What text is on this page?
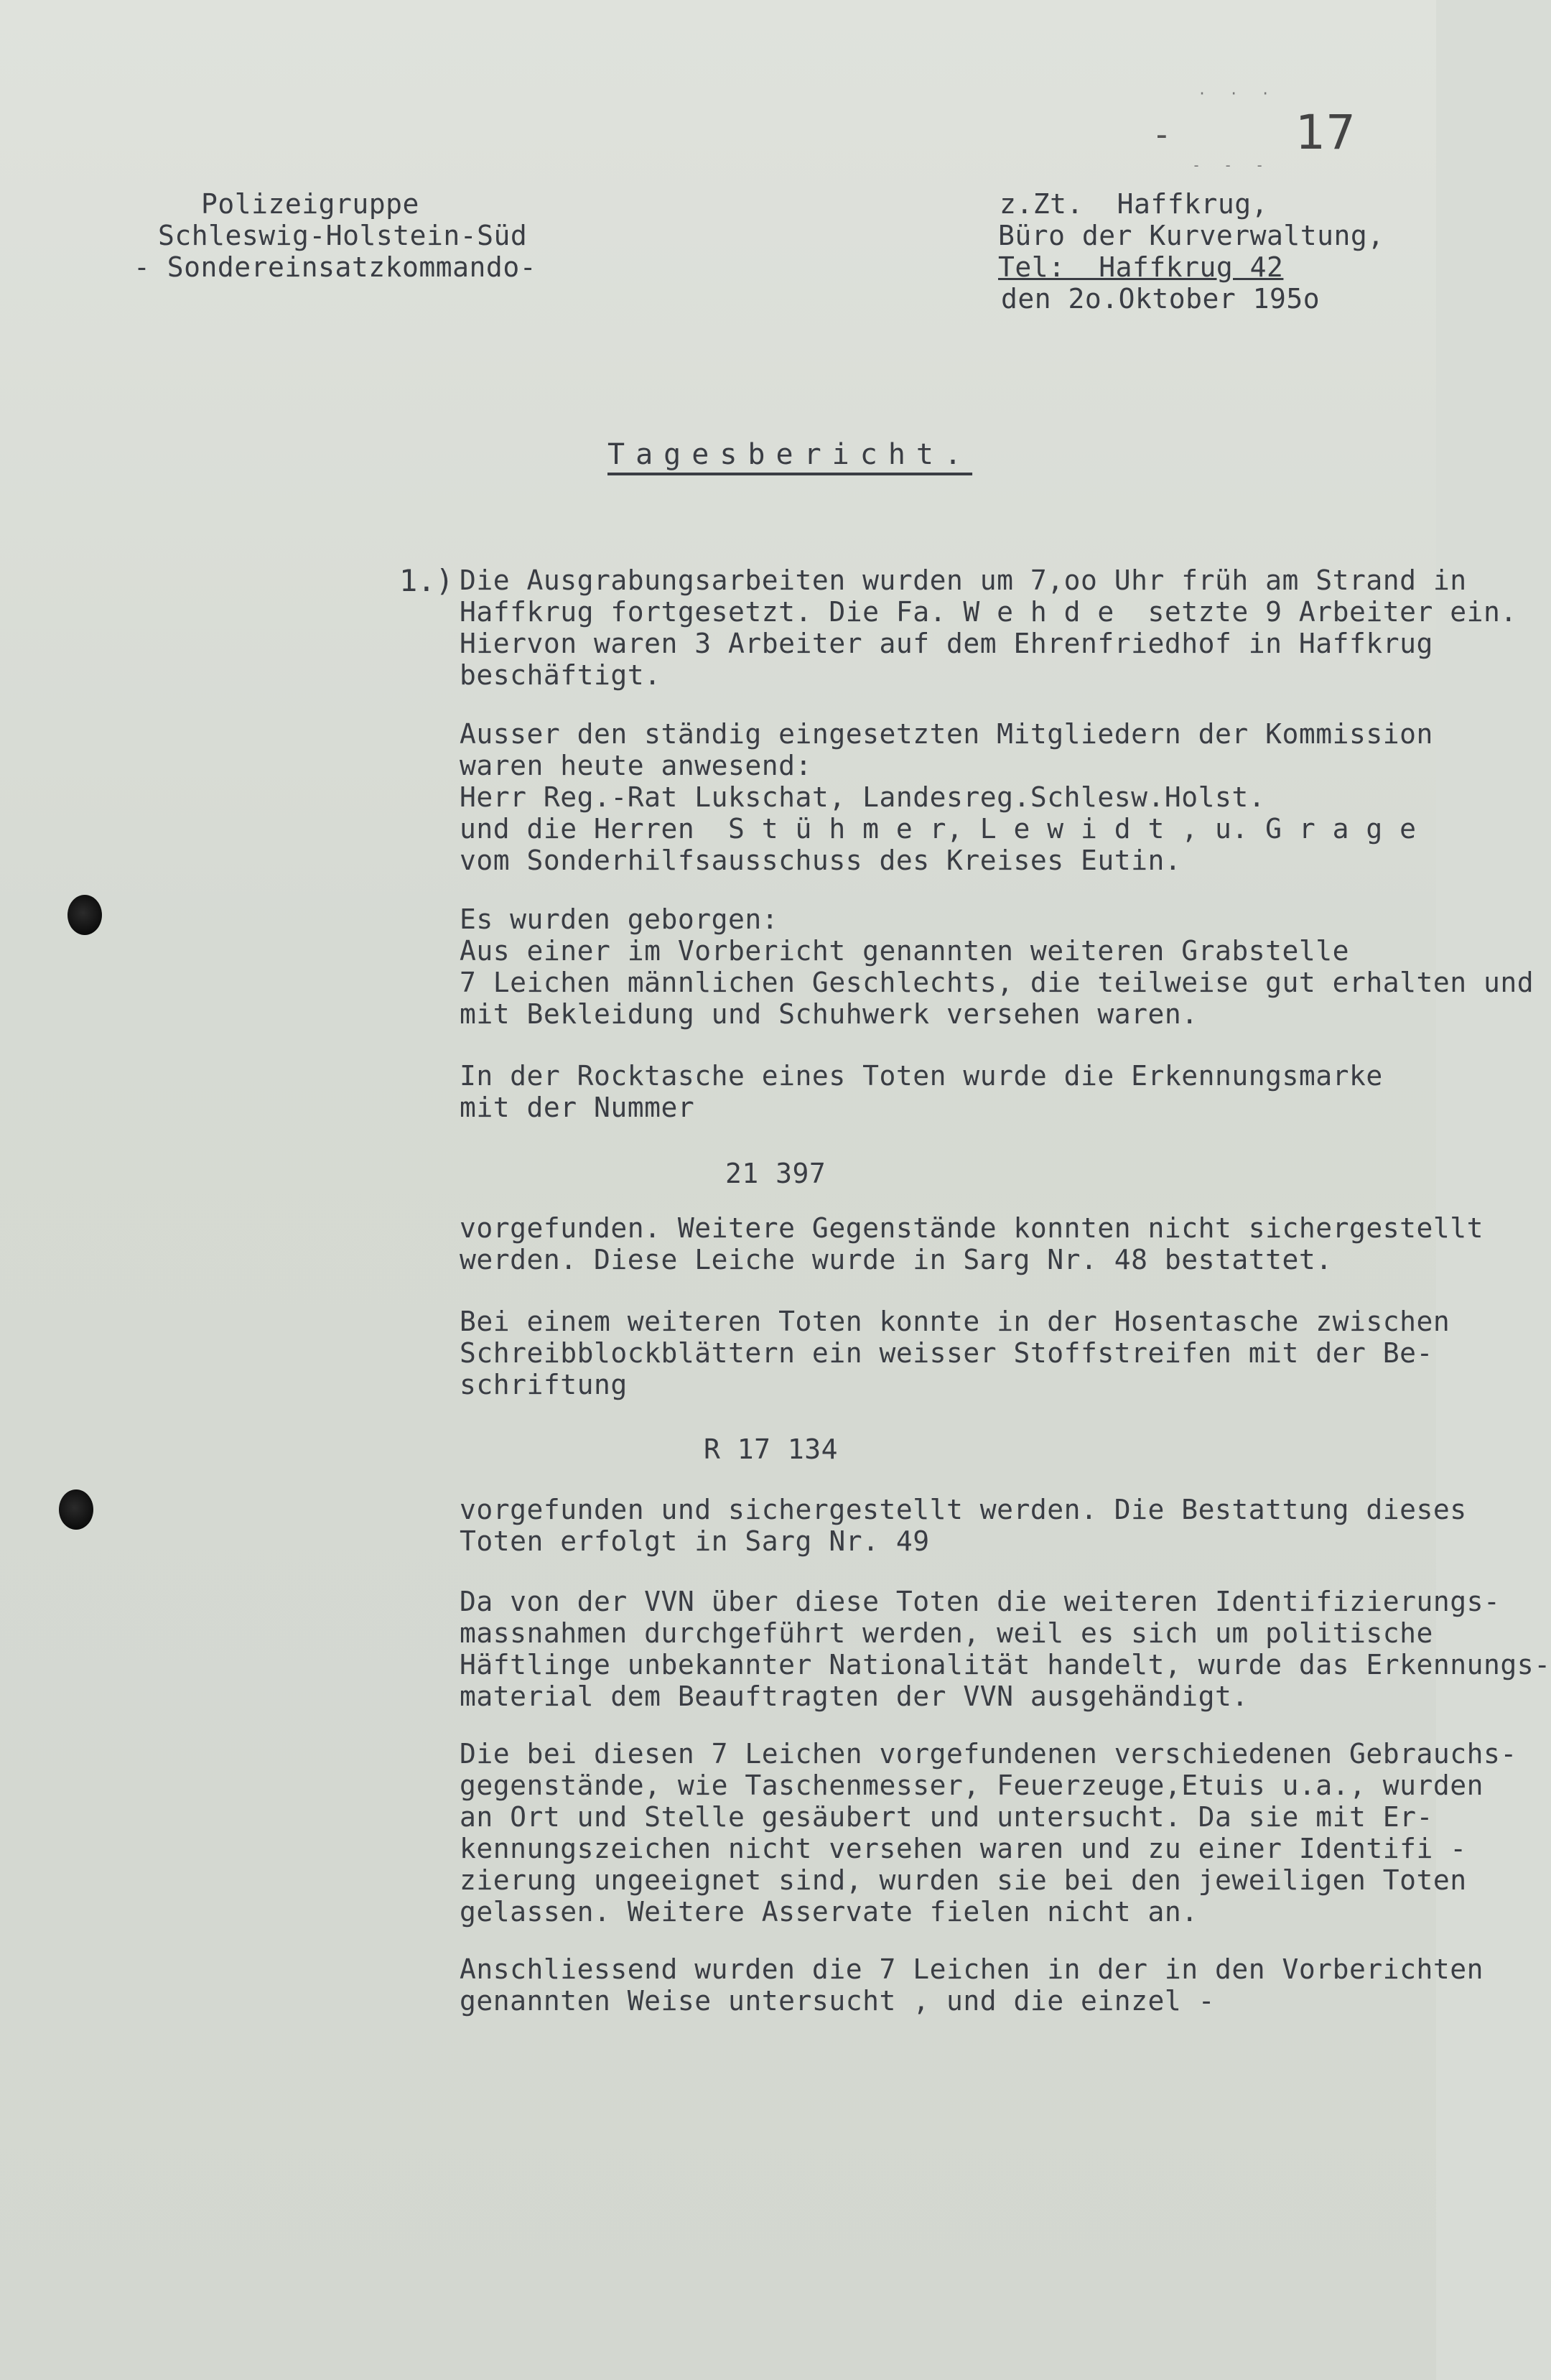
· · ·
-
- - -
17
Polizeigruppe
Schleswig-Holstein-Süd
- Sondereinsatzkommando-
z.Zt.  Haffkrug,
Büro der Kurverwaltung,
Tel:  Haffkrug 42
den 2o.Oktober 195o
Tagesbericht.
1.) Die Ausgrabungsarbeiten wurden um 7,oo Uhr früh am Strand in
Haffkrug fortgesetzt. Die Fa. W e h d e  setzte 9 Arbeiter ein.
Hiervon waren 3 Arbeiter auf dem Ehrenfriedhof in Haffkrug
beschäftigt.
Ausser den ständig eingesetzten Mitgliedern der Kommission
waren heute anwesend:
Herr Reg.-Rat Lukschat, Landesreg.Schlesw.Holst.
und die Herren  S t ü h m e r, L e w i d t , u. G r a g e
vom Sonderhilfsausschuss des Kreises Eutin.
Es wurden geborgen:
Aus einer im Vorbericht genannten weiteren Grabstelle
7 Leichen männlichen Geschlechts, die teilweise gut erhalten und
mit Bekleidung und Schuhwerk versehen waren.
In der Rocktasche eines Toten wurde die Erkennungsmarke
mit der Nummer
21 397
vorgefunden. Weitere Gegenstände konnten nicht sichergestellt
werden. Diese Leiche wurde in Sarg Nr. 48 bestattet.
Bei einem weiteren Toten konnte in der Hosentasche zwischen
Schreibblockblättern ein weisser Stoffstreifen mit der Be-
schriftung
R 17 134
vorgefunden und sichergestellt werden. Die Bestattung dieses
Toten erfolgt in Sarg Nr. 49
Da von der VVN über diese Toten die weiteren Identifizierungs-
massnahmen durchgeführt werden, weil es sich um politische
Häftlinge unbekannter Nationalität handelt, wurde das Erkennungs-
material dem Beauftragten der VVN ausgehändigt.
Die bei diesen 7 Leichen vorgefundenen verschiedenen Gebrauchs-
gegenstände, wie Taschenmesser, Feuerzeuge,Etuis u.a., wurden
an Ort und Stelle gesäubert und untersucht. Da sie mit Er-
kennungszeichen nicht versehen waren und zu einer Identifi -
zierung ungeeignet sind, wurden sie bei den jeweiligen Toten
gelassen. Weitere Asservate fielen nicht an.
Anschliessend wurden die 7 Leichen in der in den Vorberichten
genannten Weise untersucht , und die einzel -
